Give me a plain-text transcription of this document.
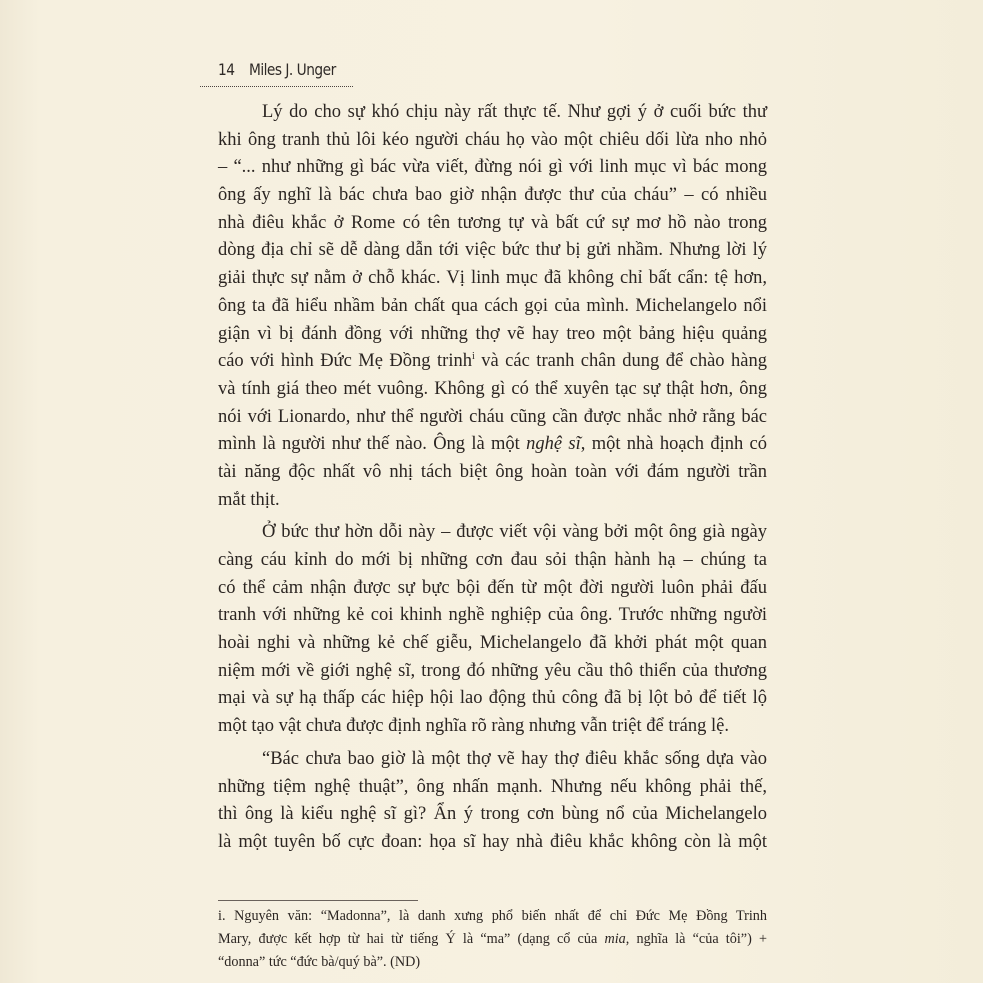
14 Miles J. Unger
Lý do cho sự khó chịu này rất thực tế. Như gợi ý ở cuối bức thư
khi ông tranh thủ lôi kéo người cháu họ vào một chiêu dối lừa nho nhỏ
– “... như những gì bác vừa viết, đừng nói gì với linh mục vì bác mong
ông ấy nghĩ là bác chưa bao giờ nhận được thư của cháu” – có nhiều
nhà điêu khắc ở Rome có tên tương tự và bất cứ sự mơ hồ nào trong
dòng địa chỉ sẽ dễ dàng dẫn tới việc bức thư bị gửi nhầm. Nhưng lời lý
giải thực sự nằm ở chỗ khác. Vị linh mục đã không chỉ bất cẩn: tệ hơn,
ông ta đã hiểu nhầm bản chất qua cách gọi của mình. Michelangelo nổi
giận vì bị đánh đồng với những thợ vẽ hay treo một bảng hiệu quảng
cáo với hình Đức Mẹ Đồng trinh$^i$ và các tranh chân dung để chào hàng
và tính giá theo mét vuông. Không gì có thể xuyên tạc sự thật hơn, ông
nói với Lionardo, như thể người cháu cũng cần được nhắc nhở rằng bác
mình là người như thế nào. Ông là một nghệ sĩ, một nhà hoạch định có
tài năng độc nhất vô nhị tách biệt ông hoàn toàn với đám người trần
mắt thịt.
Ở bức thư hờn dỗi này – được viết vội vàng bởi một ông già ngày
càng cáu kỉnh do mới bị những cơn đau sỏi thận hành hạ – chúng ta
có thể cảm nhận được sự bực bội đến từ một đời người luôn phải đấu
tranh với những kẻ coi khinh nghề nghiệp của ông. Trước những người
hoài nghi và những kẻ chế giễu, Michelangelo đã khởi phát một quan
niệm mới về giới nghệ sĩ, trong đó những yêu cầu thô thiển của thương
mại và sự hạ thấp các hiệp hội lao động thủ công đã bị lột bỏ để tiết lộ
một tạo vật chưa được định nghĩa rõ ràng nhưng vẫn triệt để tráng lệ.
“Bác chưa bao giờ là một thợ vẽ hay thợ điêu khắc sống dựa vào
những tiệm nghệ thuật”, ông nhấn mạnh. Nhưng nếu không phải thế,
thì ông là kiểu nghệ sĩ gì? Ẩn ý trong cơn bùng nổ của Michelangelo
là một tuyên bố cực đoan: họa sĩ hay nhà điêu khắc không còn là một
i. Nguyên văn: “Madonna”, là danh xưng phổ biến nhất để chỉ Đức Mẹ Đồng Trinh
Mary, được kết hợp từ hai từ tiếng Ý là “ma” (dạng cổ của mia, nghĩa là “của tôi”) +
“donna” tức “đức bà/quý bà”. (ND)
